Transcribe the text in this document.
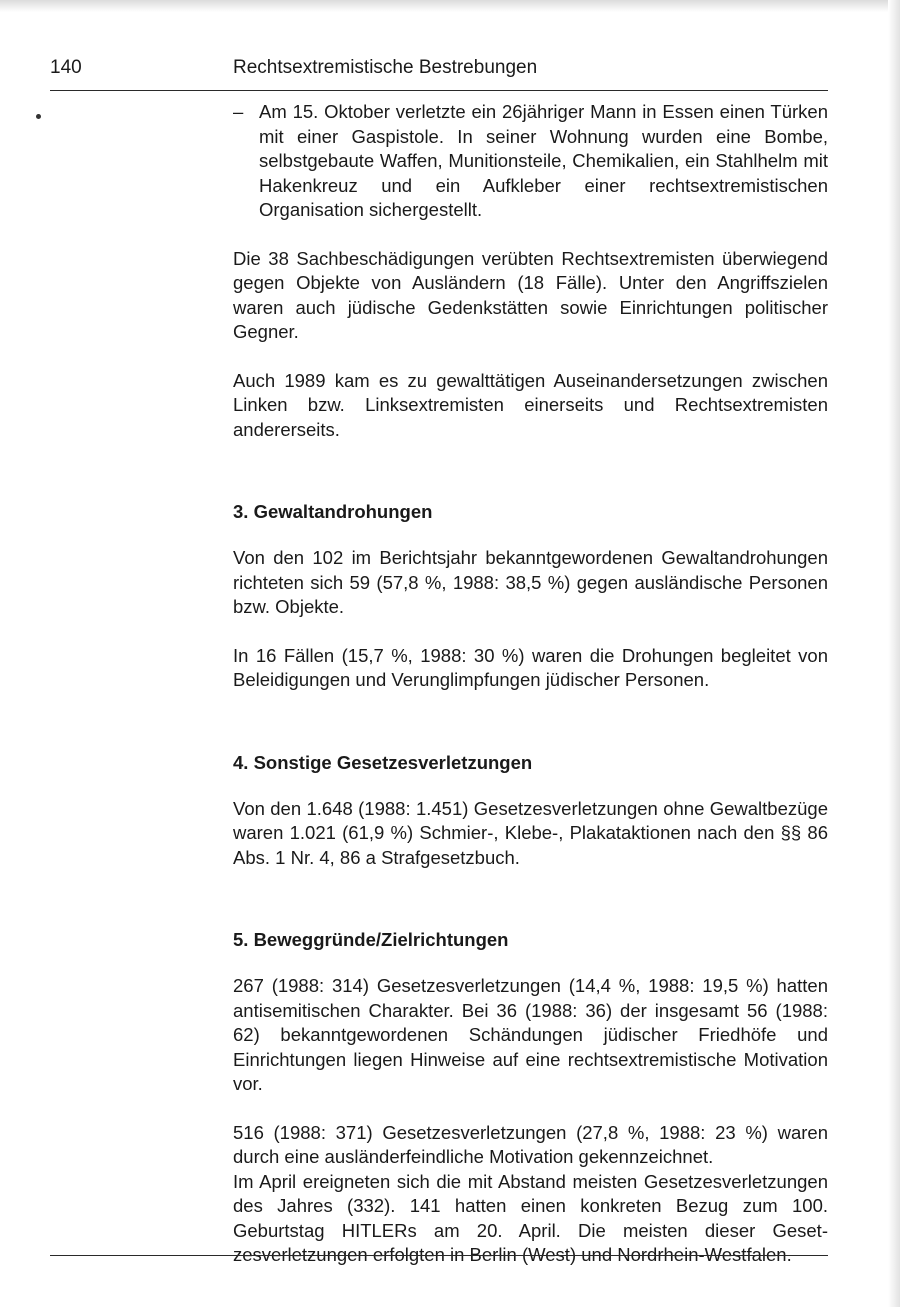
140	Rechtsextremistische Bestrebungen
– Am 15. Oktober verletzte ein 26jähriger Mann in Essen einen Türken mit einer Gaspistole. In seiner Wohnung wurden eine Bombe, selbstgebaute Waffen, Munitionsteile, Chemikalien, ein Stahlhelm mit Hakenkreuz und ein Aufkleber einer rechtsextremistischen Organisation sichergestellt.

Die 38 Sachbeschädigungen verübten Rechtsextremisten überwiegend gegen Objekte von Ausländern (18 Fälle). Unter den Angriffszielen waren auch jüdische Gedenkstätten sowie Einrichtungen politischer Gegner.

Auch 1989 kam es zu gewalttätigen Auseinandersetzungen zwischen Linken bzw. Linksextremisten einerseits und Rechtsextremisten andererseits.

3. Gewaltandrohungen

Von den 102 im Berichtsjahr bekanntgewordenen Gewaltandrohungen richteten sich 59 (57,8 %, 1988: 38,5 %) gegen ausländische Personen bzw. Objekte.

In 16 Fällen (15,7 %, 1988: 30 %) waren die Drohungen begleitet von Beleidigungen und Verunglimpfungen jüdischer Personen.

4. Sonstige Gesetzesverletzungen

Von den 1.648 (1988: 1.451) Gesetzesverletzungen ohne Gewaltbezüge waren 1.021 (61,9 %) Schmier-, Klebe-, Plakataktionen nach den §§ 86 Abs. 1 Nr. 4, 86 a Strafgesetzbuch.

5. Beweggründe/Zielrichtungen

267 (1988: 314) Gesetzesverletzungen (14,4 %, 1988: 19,5 %) hatten antisemitischen Charakter. Bei 36 (1988: 36) der insgesamt 56 (1988: 62) bekanntgewordenen Schändungen jüdischer Friedhöfe und Einrichtungen liegen Hinweise auf eine rechtsextremistische Motivation vor.

516 (1988: 371) Gesetzesverletzungen (27,8 %, 1988: 23 %) waren durch eine ausländerfeindliche Motivation gekennzeichnet.

Im April ereigneten sich die mit Abstand meisten Gesetzesverletzungen des Jahres (332). 141 hatten einen konkreten Bezug zum 100. Geburtstag HITLERs am 20. April. Die meisten dieser Gesetzesverletzungen erfolgten in Berlin (West) und Nordrhein-Westfalen.
